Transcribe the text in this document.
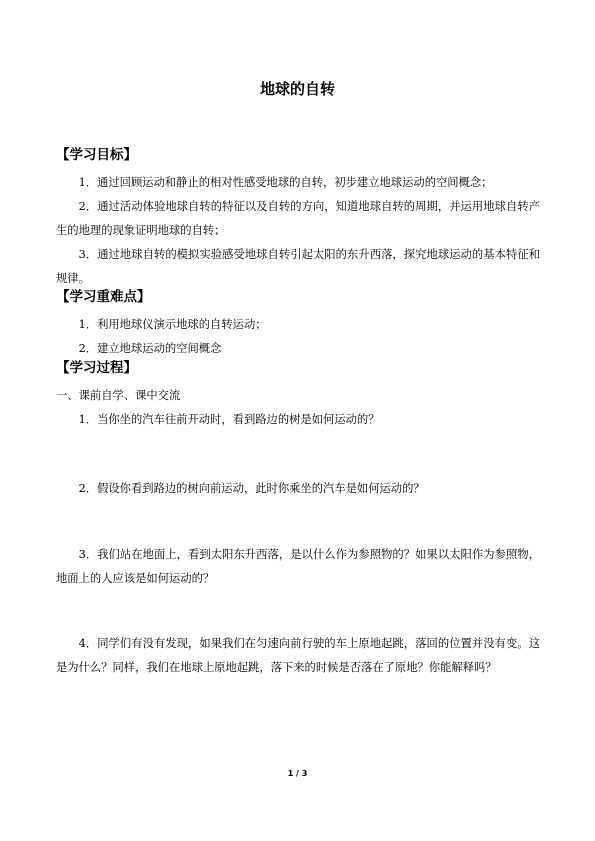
地球的自转
【学习目标】

1．通过回顾运动和静止的相对性感受地球的自转，初步建立地球运动的空间概念；

2．通过活动体验地球自转的特征以及自转的方向，知道地球自转的周期，并运用地球自转产生的地理的现象证明地球的自转；

3．通过地球自转的模拟实验感受地球自转引起太阳的东升西落，探究地球运动的基本特征和规律。

【学习重难点】

1．利用地球仪演示地球的自转运动；

2．建立地球运动的空间概念

【学习过程】

一、课前自学、课中交流

1．当你坐的汽车往前开动时，看到路边的树是如何运动的？

2．假设你看到路边的树向前运动，此时你乘坐的汽车是如何运动的？

3．我们站在地面上，看到太阳东升西落，是以什么作为参照物的？如果以太阳作为参照物，地面上的人应该是如何运动的？

4．同学们有没有发现，如果我们在匀速向前行驶的车上原地起跳，落回的位置并没有变。这是为什么？同样，我们在地球上原地起跳，落下来的时候是否落在了原地？你能解释吗？

1 / 3
